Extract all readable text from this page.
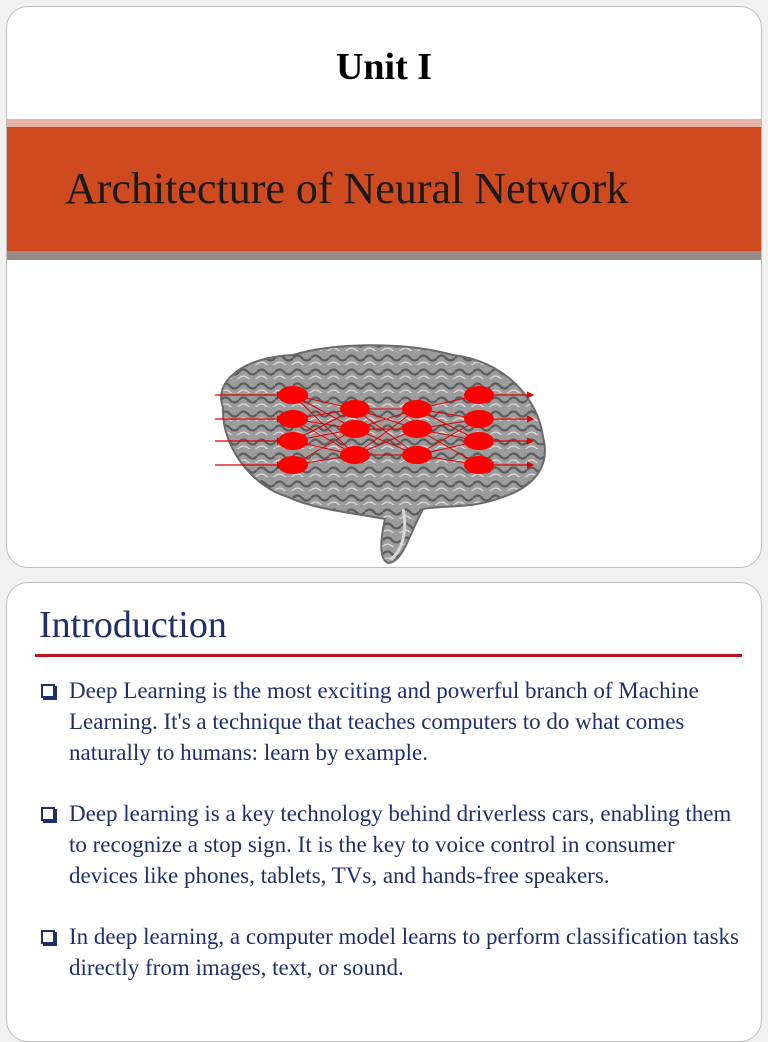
Unit I
Architecture of Neural Network
Introduction
Deep Learning is the most exciting and powerful branch of Machine Learning. It's a technique that teaches computers to do what comes naturally to humans: learn by example.
Deep learning is a key technology behind driverless cars, enabling them to recognize a stop sign. It is the key to voice control in consumer devices like phones, tablets, TVs, and hands-free speakers.
In deep learning, a computer model learns to perform classification tasks directly from images, text, or sound.
